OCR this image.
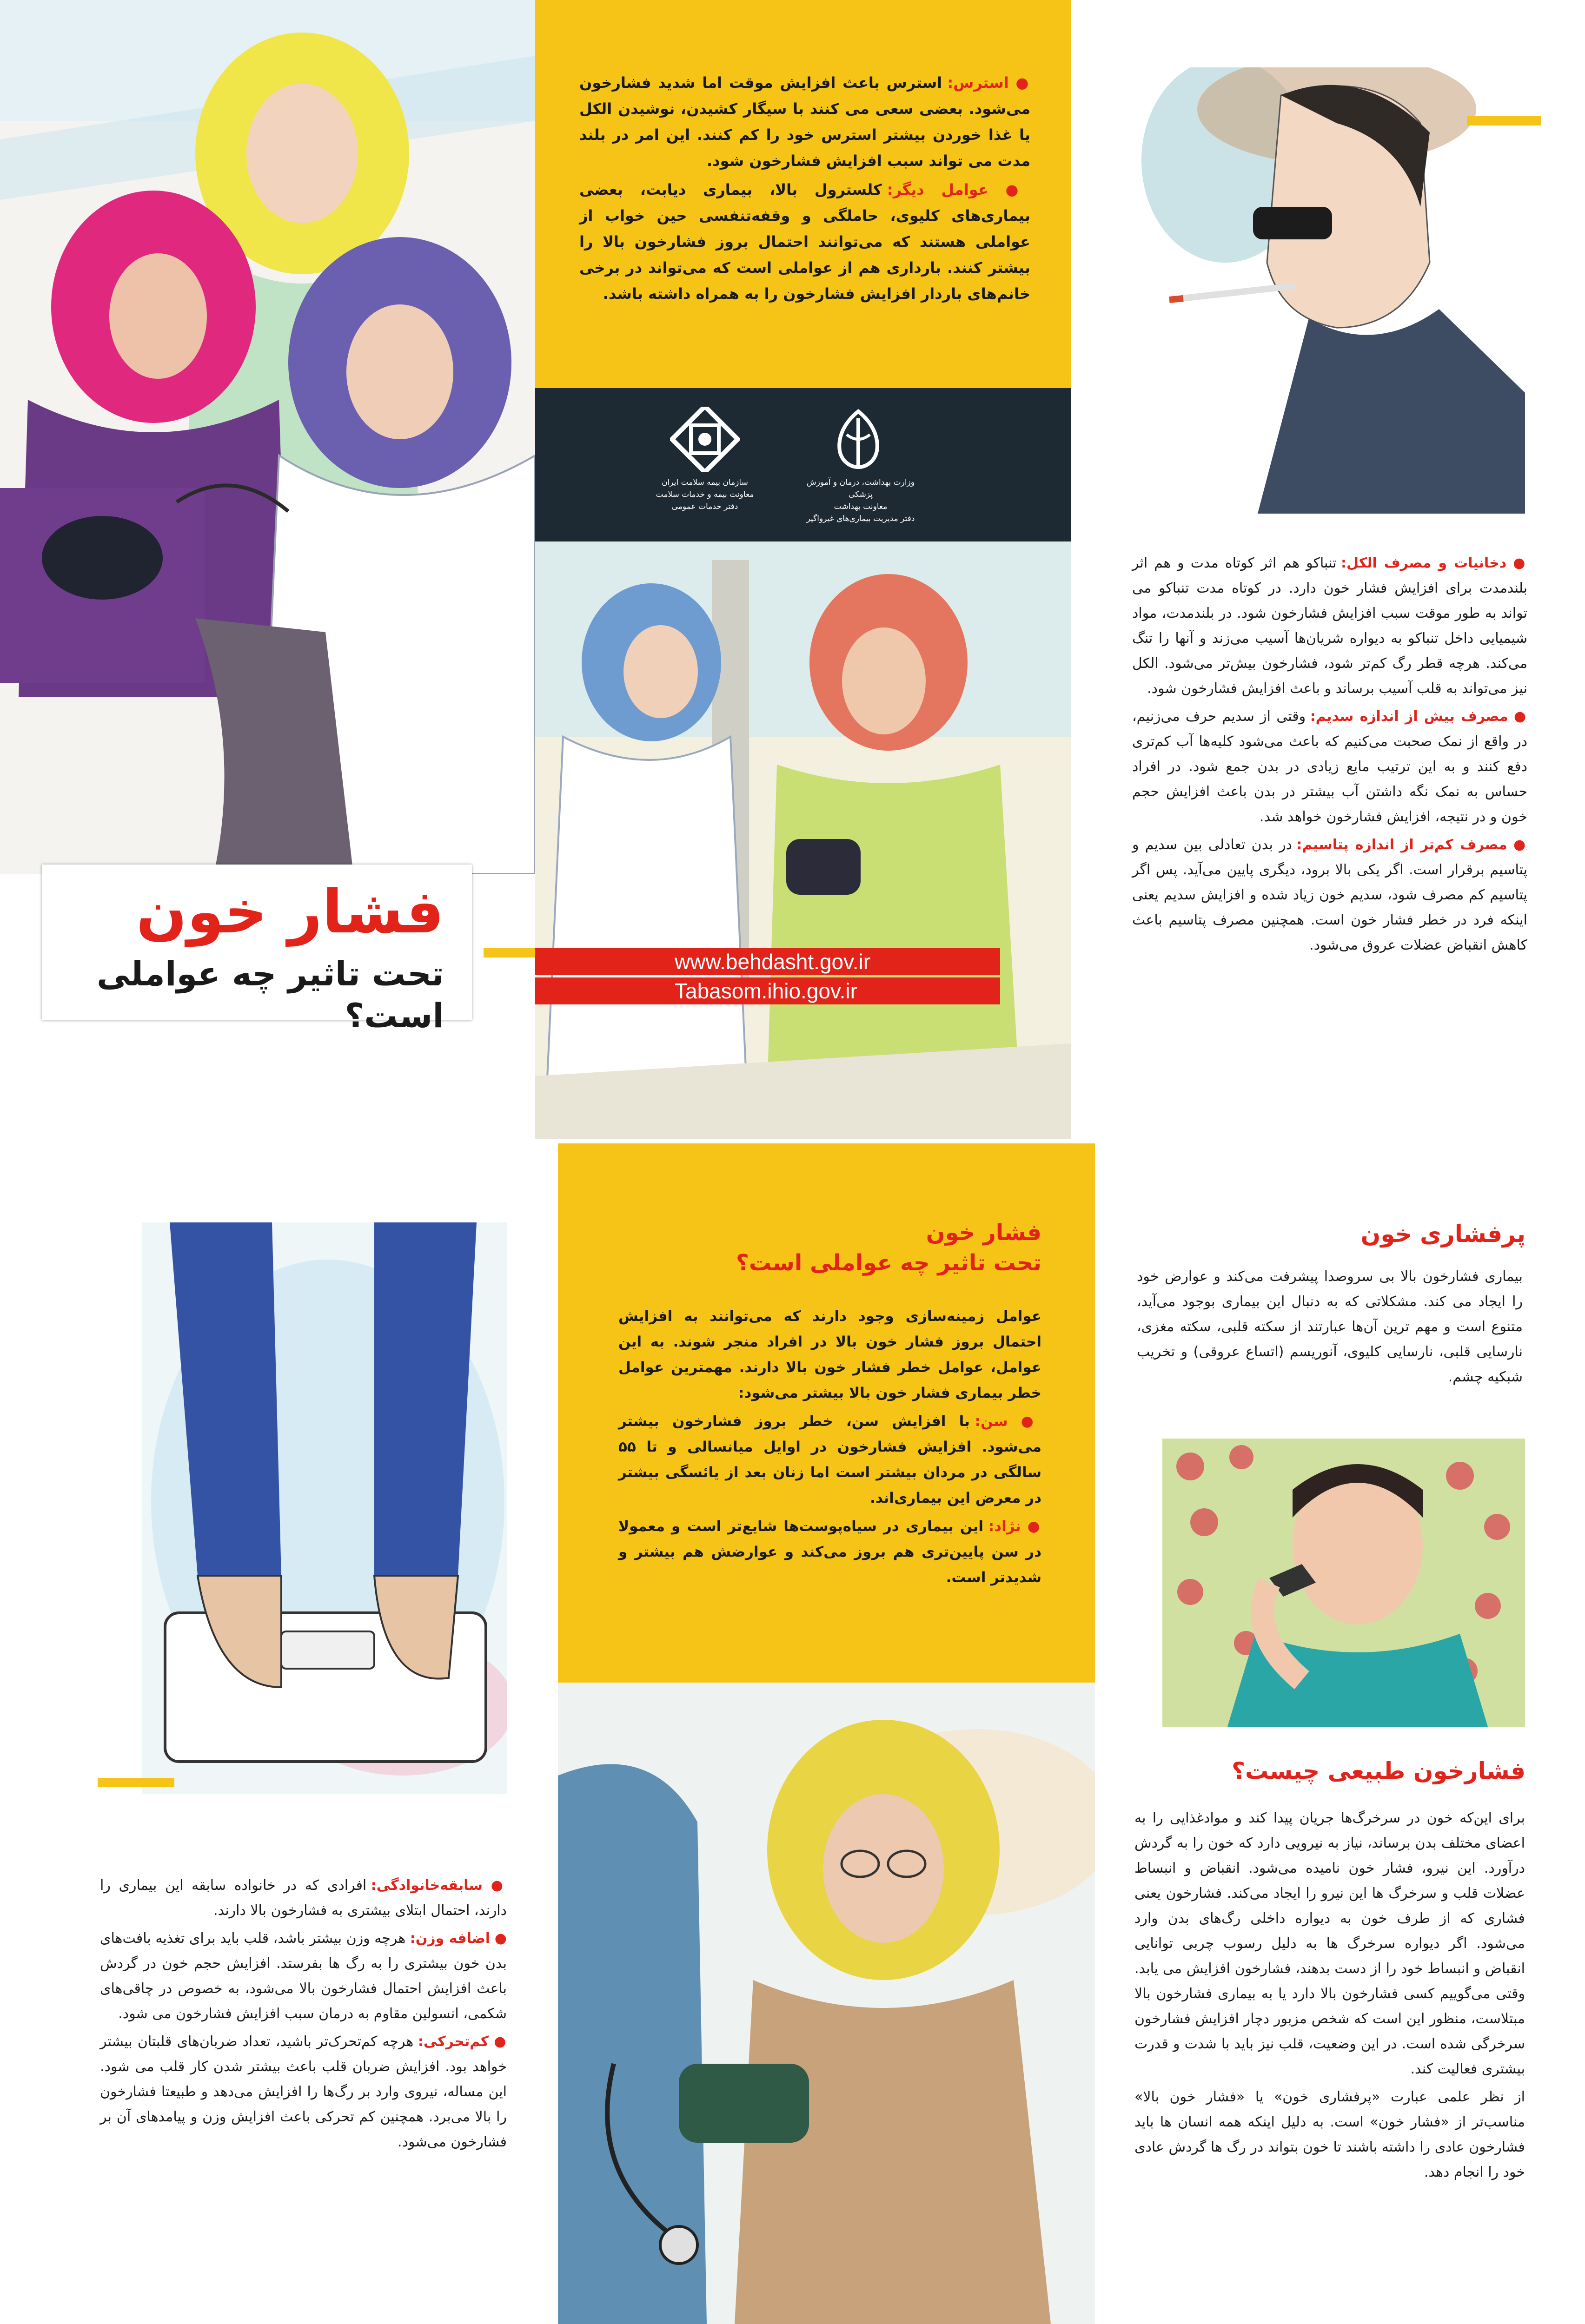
فشار خون
تحت تاثیر چه عواملی است؟

● استرس: استرس باعث افزایش موقت اما شدید فشارخون می‌شود. بعضی سعی می کنند با سیگار کشیدن، نوشیدن الکل یا غذا خوردن بیشتر استرس خود را کم کنند. این امر در بلند مدت می تواند سبب افزایش فشارخون شود.

● عوامل دیگر: کلسترول بالا، بیماری دیابت، بعضی بیماری‌های کلیوی، حاملگی و وقفه‌تنفسی حین خواب از عواملی هستند که می‌توانند احتمال بروز فشارخون بالا را بیشتر کنند. بارداری هم از عواملی است که می‌تواند در برخی خانم‌های باردار افزایش فشارخون را به همراه داشته باشد.

وزارت بهداشت، درمان و آموزش پزشکی
معاونت بهداشت
دفتر مدیریت بیماری‌های غیرواگیر
سازمان بیمه سلامت ایران
معاونت بیمه و خدمات سلامت
دفتر خدمات عمومی
www.behdasht.gov.ir
Tabasom.ihio.gov.ir

● دخانیات و مصرف الکل: تنباکو هم اثر کوتاه مدت و هم اثر بلندمدت برای افزایش فشار خون دارد. در کوتاه مدت تنباکو می تواند به طور موقت سبب افزایش فشارخون شود. در بلندمدت، مواد شیمیایی داخل تنباکو به دیواره شریان‌ها آسیب می‌زند و آنها را تنگ می‌کند. هرچه قطر رگ کم‌تر شود، فشارخون بیش‌تر می‌شود. الکل نیز می‌تواند به قلب آسیب برساند و باعث افزایش فشارخون شود.

● مصرف بیش از اندازه سدیم: وقتی از سدیم حرف می‌زنیم، در واقع از نمک صحبت می‌کنیم که باعث می‌شود کلیه‌ها آب کم‌تری دفع کنند و به این ترتیب مایع زیادی در بدن جمع شود. در افراد حساس به نمک نگه داشتن آب بیشتر در بدن باعث افزایش حجم خون و در نتیجه، افزایش فشارخون خواهد شد.

● مصرف کم‌تر از اندازه پتاسیم: در بدن تعادلی بین سدیم و پتاسیم برقرار است. اگر یکی بالا برود، دیگری پایین می‌آید. پس اگر پتاسیم کم مصرف شود، سدیم خون زیاد شده و افزایش سدیم یعنی اینکه فرد در خطر فشار خون است. همچنین مصرف پتاسیم باعث کاهش انقباض عضلات عروق می‌شود.

● سابقه‌خانوادگی: افرادی که در خانواده سابقه این بیماری را دارند، احتمال ابتلای بیشتری به فشارخون بالا دارند.

● اضافه وزن: هرچه وزن بیشتر باشد، قلب باید برای تغذیه بافت‌های بدن خون بیشتری را به رگ ها بفرستد. افزایش حجم خون در گردش باعث افزایش احتمال فشارخون بالا می‌شود، به خصوص در چاقی‌های شکمی، انسولین مقاوم به درمان سبب افزایش فشارخون می شود.

● کم‌تحرکی: هرچه کم‌تحرک‌تر باشید، تعداد ضربان‌های قلبتان بیشتر خواهد بود. افزایش ضربان قلب باعث بیشتر شدن کار قلب می شود. این مساله، نیروی وارد بر رگ‌ها را افزایش می‌دهد و طبیعتا فشارخون را بالا می‌برد. همچنین کم تحرکی باعث افزایش وزن و پیامدهای آن بر فشارخون می‌شود.

فشار خون
تحت تاثیر چه عواملی است؟

عوامل زمینه‌سازی وجود دارند که می‌توانند به افزایش احتمال بروز فشار خون بالا در افراد منجر شوند. به این عوامل، عوامل خطر فشار خون بالا دارند. مهمترین عوامل خطر بیماری فشار خون بالا بیشتر می‌شود:

● سن: با افزایش سن، خطر بروز فشارخون بیشتر می‌شود. افزایش فشارخون در اوایل میانسالی و تا ۵۵ سالگی در مردان بیشتر است اما زنان بعد از یائسگی بیشتر در معرض این بیماری‌اند.

● نژاد: این بیماری در سیاه‌پوست‌ها شایع‌تر است و معمولا در سن پایین‌تری هم بروز می‌کند و عوارضش هم بیشتر و شدیدتر است.

پرفشاری خون
بیماری فشارخون بالا بی سروصدا پیشرفت می‌کند و عوارض خود را ایجاد می کند. مشکلاتی که به دنبال این بیماری بوجود می‌آید، متنوع است و مهم ترین آن‌ها عبارتند از سکته قلبی، سکته مغزی، نارسایی قلبی، نارسایی کلیوی، آنوریسم (اتساع عروقی) و تخریب شبکیه چشم.
فشارخون طبیعی چیست؟

برای این‌که خون در سرخرگ‌ها جریان پیدا کند و موادغذایی را به اعضای مختلف بدن برساند، نیاز به نیرویی دارد که خون را به گردش درآورد. این نیرو، فشار خون نامیده می‌شود. انقباض و انبساط عضلات قلب و سرخرگ ها این نیرو را ایجاد می‌کند. فشارخون یعنی فشاری که از طرف خون به دیواره داخلی رگ‌های بدن وارد می‌شود. اگر دیواره سرخرگ ها به دلیل رسوب چربی توانایی انقباض و انبساط خود را از دست بدهند، فشارخون افزایش می یابد. وقتی می‌گوییم کسی فشارخون بالا دارد یا به بیماری فشارخون بالا مبتلاست، منظور این است که شخص مزبور دچار افزایش فشارخون سرخرگی شده است. در این وضعیت، قلب نیز باید با شدت و قدرت بیشتری فعالیت کند.

از نظر علمی عبارت «پرفشاری خون» یا «فشار خون بالا» مناسب‌تر از «فشار خون» است. به دلیل اینکه همه انسان ها باید فشارخون عادی را داشته باشند تا خون بتواند در رگ ها گردش عادی خود را انجام دهد.
